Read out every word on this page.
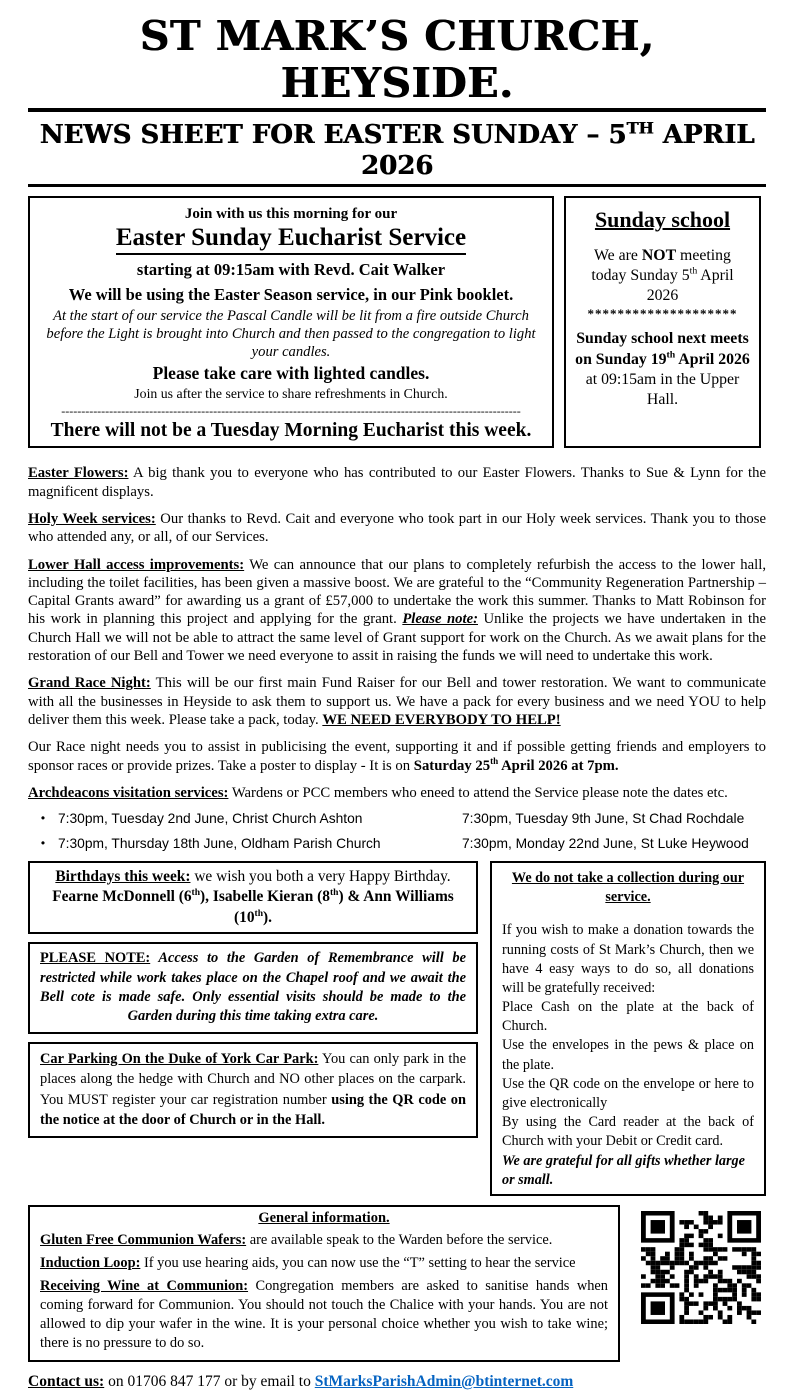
ST MARK’S CHURCH, HEYSIDE.
NEWS SHEET FOR EASTER SUNDAY – 5TH APRIL 2026
Join with us this morning for our
Easter Sunday Eucharist Service
starting at 09:15am with Revd. Cait Walker
We will be using the Easter Season service, in our Pink booklet.
At the start of our service the Pascal Candle will be lit from a fire outside Church before the Light is brought into Church and then passed to the congregation to light your candles.
Please take care with lighted candles.
Join us after the service to share refreshments in Church.
-------------------------------------------------------------------------------------------------------------------
There will not be a Tuesday Morning Eucharist this week.
Sunday school
We are NOT meeting today Sunday 5th April 2026
********************
Sunday school next meets on Sunday 19th April 2026 at 09:15am in the Upper Hall.

Easter Flowers: A big thank you to everyone who has contributed to our Easter Flowers. Thanks to Sue & Lynn for the magnificent displays.

Holy Week services: Our thanks to Revd. Cait and everyone who took part in our Holy week services. Thank you to those who attended any, or all, of our Services.

Lower Hall access improvements: We can announce that our plans to completely refurbish the access to the lower hall, including the toilet facilities, has been given a massive boost. We are grateful to the “Community Regeneration Partnership – Capital Grants award” for awarding us a grant of £57,000 to undertake the work this summer. Thanks to Matt Robinson for his work in planning this project and applying for the grant. Please note: Unlike the projects we have undertaken in the Church Hall we will not be able to attract the same level of Grant support for work on the Church. As we await plans for the restoration of our Bell and Tower we need everyone to assit in raising the funds we will need to undertake this work.

Grand Race Night: This will be our first main Fund Raiser for our Bell and tower restoration. We want to communicate with all the businesses in Heyside to ask them to support us. We have a pack for every business and we need YOU to help deliver them this week. Please take a pack, today. WE NEED EVERYBODY TO HELP!

Our Race night needs you to assist in publicising the event, supporting it and if possible getting friends and employers to sponsor races or provide prizes. Take a poster to display - It is on Saturday 25th April 2026 at 7pm.

Archdeacons visitation services: Wardens or PCC members who eneed to attend the Service please note the dates etc.

• 7:30pm, Tuesday 2nd June, Christ Church Ashton	7:30pm, Tuesday 9th June, St Chad Rochdale
• 7:30pm, Thursday 18th June, Oldham Parish Church	7:30pm, Monday 22nd June, St Luke Heywood
Birthdays this week: we wish you both a very Happy Birthday.
Fearne McDonnell (6th), Isabelle Kieran (8th) & Ann Williams (10th).
PLEASE NOTE: Access to the Garden of Remembrance will be restricted while work takes place on the Chapel roof and we await the Bell cote is made safe. Only essential visits should be made to the Garden during this time taking extra care.
Car Parking On the Duke of York Car Park: You can only park in the places along the hedge with Church and NO other places on the carpark. You MUST register your car registration number using the QR code on the notice at the door of Church or in the Hall.
We do not take a collection during our service.
If you wish to make a donation towards the running costs of St Mark’s Church, then we have 4 easy ways to do so, all donations will be gratefully received:
Place Cash on the plate at the back of Church.
Use the envelopes in the pews & place on the plate.
Use the QR code on the envelope or here to give electronically
By using the Card reader at the back of Church with your Debit or Credit card.
We are grateful for all gifts whether large or small.
General information.
Gluten Free Communion Wafers: are available speak to the Warden before the service.
Induction Loop: If you use hearing aids, you can now use the “T” setting to hear the service
Receiving Wine at Communion: Congregation members are asked to sanitise hands when coming forward for Communion. You should not touch the Chalice with your hands. You are not allowed to dip your wafer in the wine. It is your personal choice whether you wish to take wine; there is no pressure to do so.
Contact us: on 01706 847 177 or by email to StMarksParishAdmin@btinternet.com
